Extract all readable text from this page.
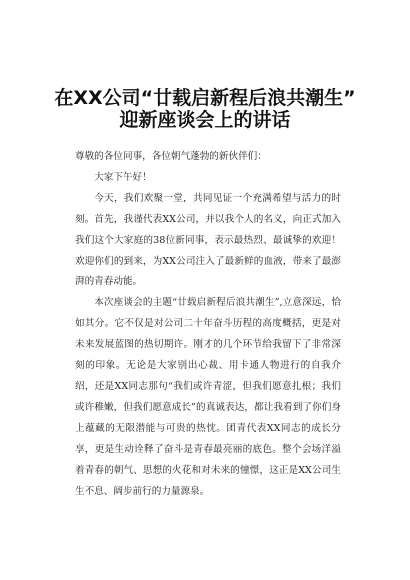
在XX公司“廿载启新程后浪共潮生”
迎新座谈会上的讲话

尊敬的各位同事，各位朝气蓬勃的新伙伴们：

大家下午好！

今天，我们欢聚一堂，共同见证一个充满希望与活力的时刻。首先，我谨代表XX公司，并以我个人的名义，向正式加入我们这个大家庭的38位新同事，表示最热烈、最诚挚的欢迎！欢迎你们的到来，为XX公司注入了最新鲜的血液，带来了最澎湃的青春动能。

本次座谈会的主题“廿载启新程后浪共潮生”,立意深远，恰如其分。它不仅是对公司二十年奋斗历程的高度概括，更是对未来发展蓝图的热切期许。刚才的几个环节给我留下了非常深刻的印象。无论是大家别出心裁、用卡通人物进行的自我介绍，还是XX同志那句“我们或许青涩，但我们愿意扎根；我们或许稚嫩，但我们愿意成长”的真诚表达，都让我看到了你们身上蕴藏的无限潜能与可贵的热忱。团青代表XX同志的成长分享，更是生动诠释了奋斗是青春最亮丽的底色。整个会场洋溢着青春的朝气、思想的火花和对未来的憧憬，这正是XX公司生生不息、阔步前行的力量源泉。
